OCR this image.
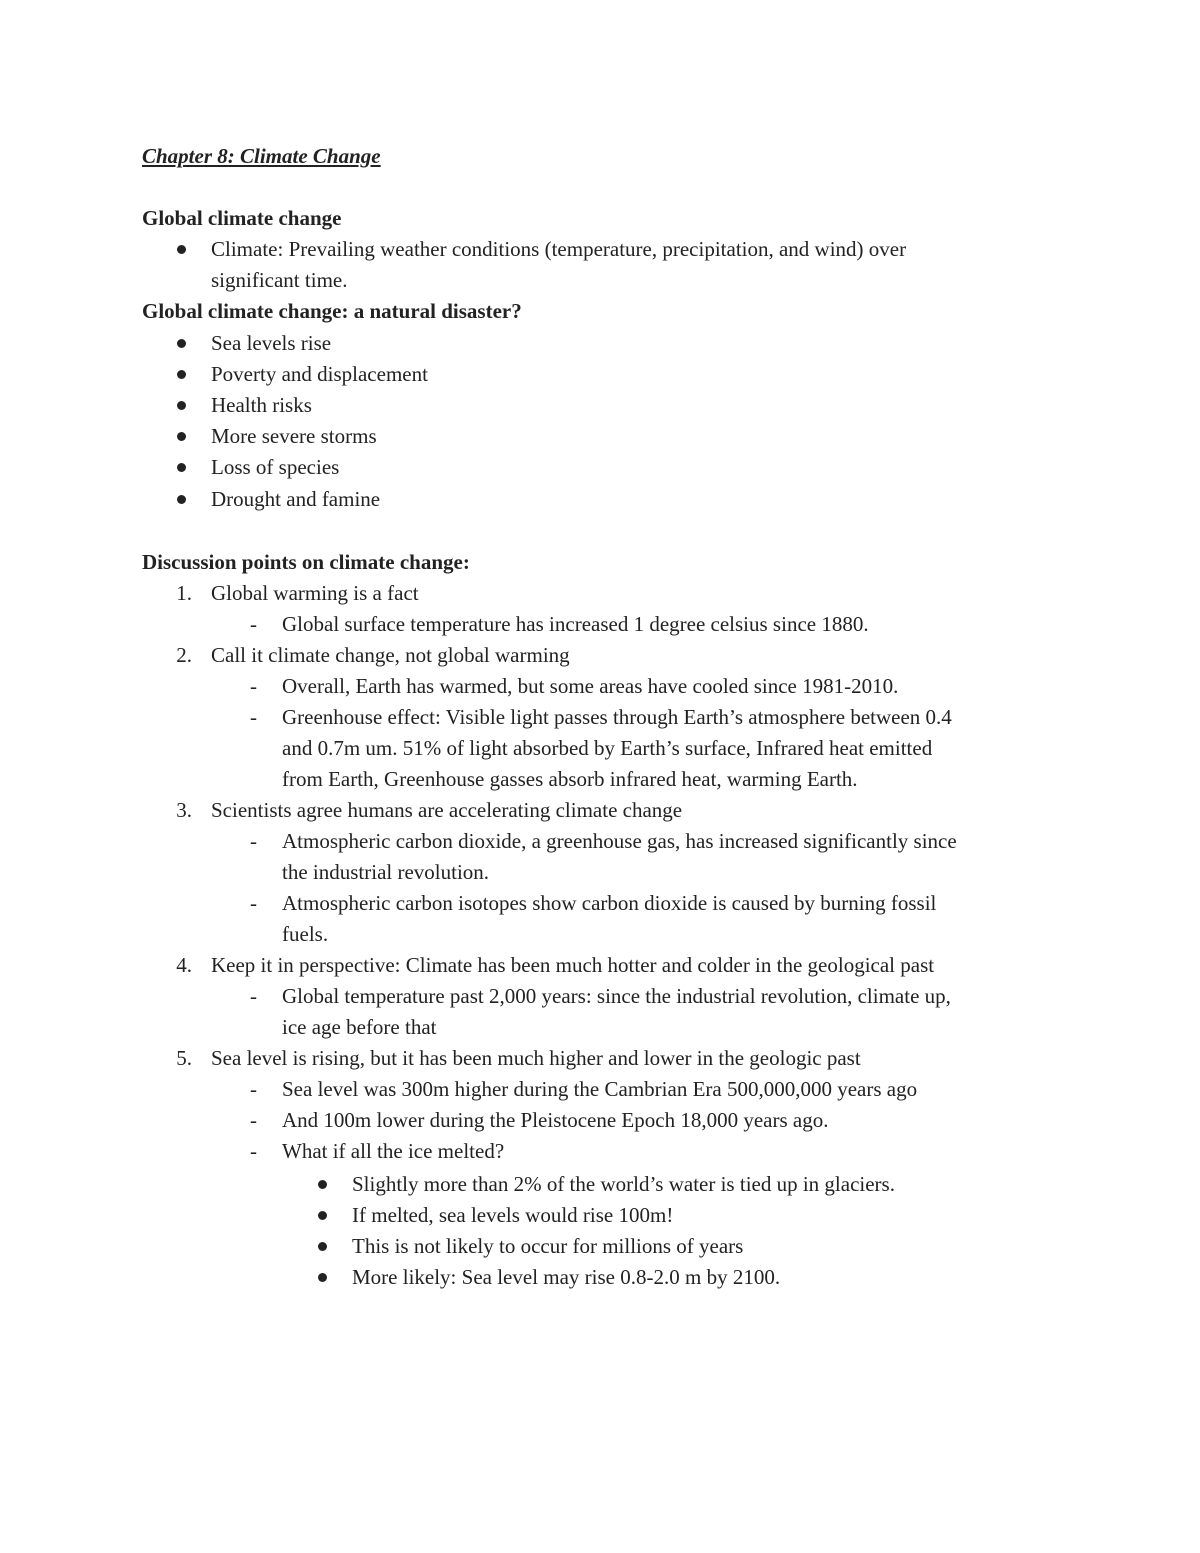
Chapter 8: Climate Change
Global climate change
Climate: Prevailing weather conditions (temperature, precipitation, and wind) over
significant time.
Global climate change: a natural disaster?
Sea levels rise
Poverty and displacement
Health risks
More severe storms
Loss of species
Drought and famine
Discussion points on climate change:
1. Global warming is a fact
- Global surface temperature has increased 1 degree celsius since 1880.
2. Call it climate change, not global warming
- Overall, Earth has warmed, but some areas have cooled since 1981-2010.
- Greenhouse effect: Visible light passes through Earth’s atmosphere between 0.4
and 0.7m um. 51% of light absorbed by Earth’s surface, Infrared heat emitted
from Earth, Greenhouse gasses absorb infrared heat, warming Earth.
3. Scientists agree humans are accelerating climate change
- Atmospheric carbon dioxide, a greenhouse gas, has increased significantly since
the industrial revolution.
- Atmospheric carbon isotopes show carbon dioxide is caused by burning fossil
fuels.
4. Keep it in perspective: Climate has been much hotter and colder in the geological past
- Global temperature past 2,000 years: since the industrial revolution, climate up,
ice age before that
5. Sea level is rising, but it has been much higher and lower in the geologic past
- Sea level was 300m higher during the Cambrian Era 500,000,000 years ago
- And 100m lower during the Pleistocene Epoch 18,000 years ago.
- What if all the ice melted?
Slightly more than 2% of the world’s water is tied up in glaciers.
If melted, sea levels would rise 100m!
This is not likely to occur for millions of years
More likely: Sea level may rise 0.8-2.0 m by 2100.
